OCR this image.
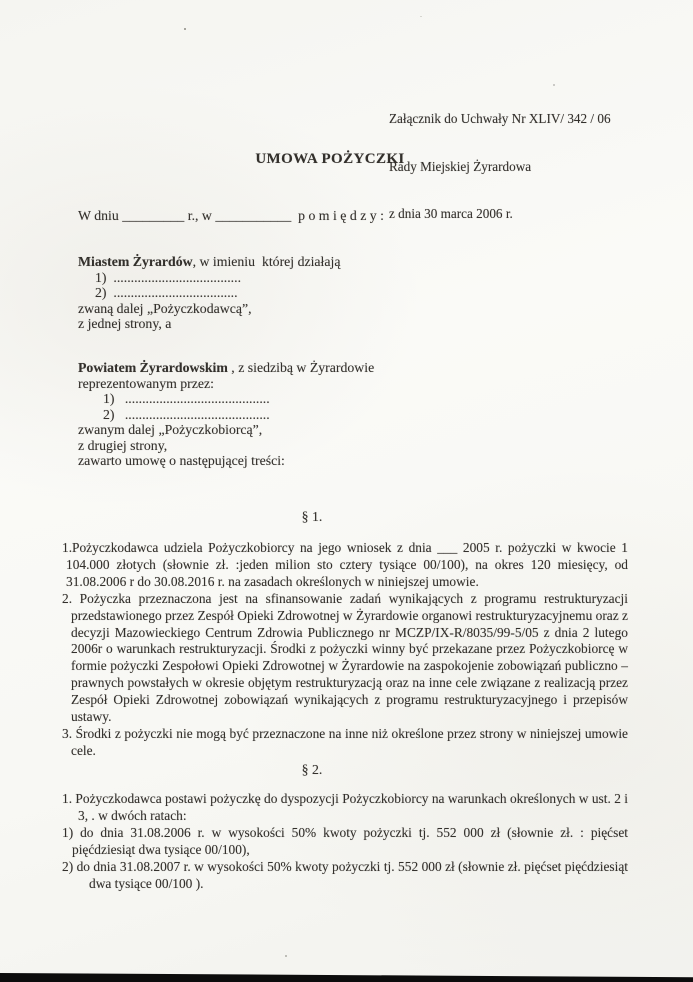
Załącznik do Uchwały Nr XLIV/ 342 / 06

Rady Miejskiej Żyrardowa

z dnia 30 marca 2006 r.

UMOWA POŻYCZKI
W dniu _________ r., w ___________  p o m i ę d z y :
Miastem Żyrardów, w imieniu  której działają
1)  .....................................
2)  ....................................
zwaną dalej „Pożyczkodawcą”,
z jednej strony, a
Powiatem Żyrardowskim , z siedzibą w Żyrardowie
reprezentowanym przez:
1)   ..........................................
2)   ..........................................
zwanym dalej „Pożyczkobiorcą”,
z drugiej strony,
zawarto umowę o następującej treści:
§ 1.

1.Pożyczkodawca udziela Pożyczkobiorcy na jego wniosek z dnia ___ 2005 r. pożyczki w kwocie 1 104.000 złotych (słownie zł. :jeden milion sto cztery tysiące 00/100), na okres 120 miesięcy, od 31.08.2006 r do 30.08.2016 r. na zasadach określonych w niniejszej umowie.

2. Pożyczka przeznaczona jest na sfinansowanie zadań wynikających z programu restrukturyzacji przedstawionego przez Zespół Opieki Zdrowotnej w Żyrardowie organowi restrukturyzacyjnemu oraz z decyzji Mazowieckiego Centrum Zdrowia Publicznego nr MCZP/IX-R/8035/99-5/05 z dnia 2 lutego 2006r o warunkach restrukturyzacji. Środki z pożyczki winny być przekazane przez Pożyczkobiorcę w formie pożyczki Zespołowi Opieki Zdrowotnej w Żyrardowie na zaspokojenie zobowiązań publiczno – prawnych powstałych w okresie objętym restrukturyzacją oraz na inne cele związane z realizacją przez Zespół Opieki Zdrowotnej zobowiązań wynikających z programu restrukturyzacyjnego i przepisów ustawy.

3. Środki z pożyczki nie mogą być przeznaczone na inne niż określone przez strony w niniejszej umowie cele.

§ 2.

1. Pożyczkodawca postawi pożyczkę do dyspozycji Pożyczkobiorcy na warunkach określonych w ust. 2 i 3, . w dwóch ratach:

1) do dnia 31.08.2006 r. w wysokości 50% kwoty pożyczki tj. 552 000 zł (słownie zł. : pięćset pięćdziesiąt dwa tysiące 00/100),

2) do dnia 31.08.2007 r. w wysokości 50% kwoty pożyczki tj. 552 000 zł (słownie zł. pięćset pięćdziesiąt dwa tysiące 00/100 ).
